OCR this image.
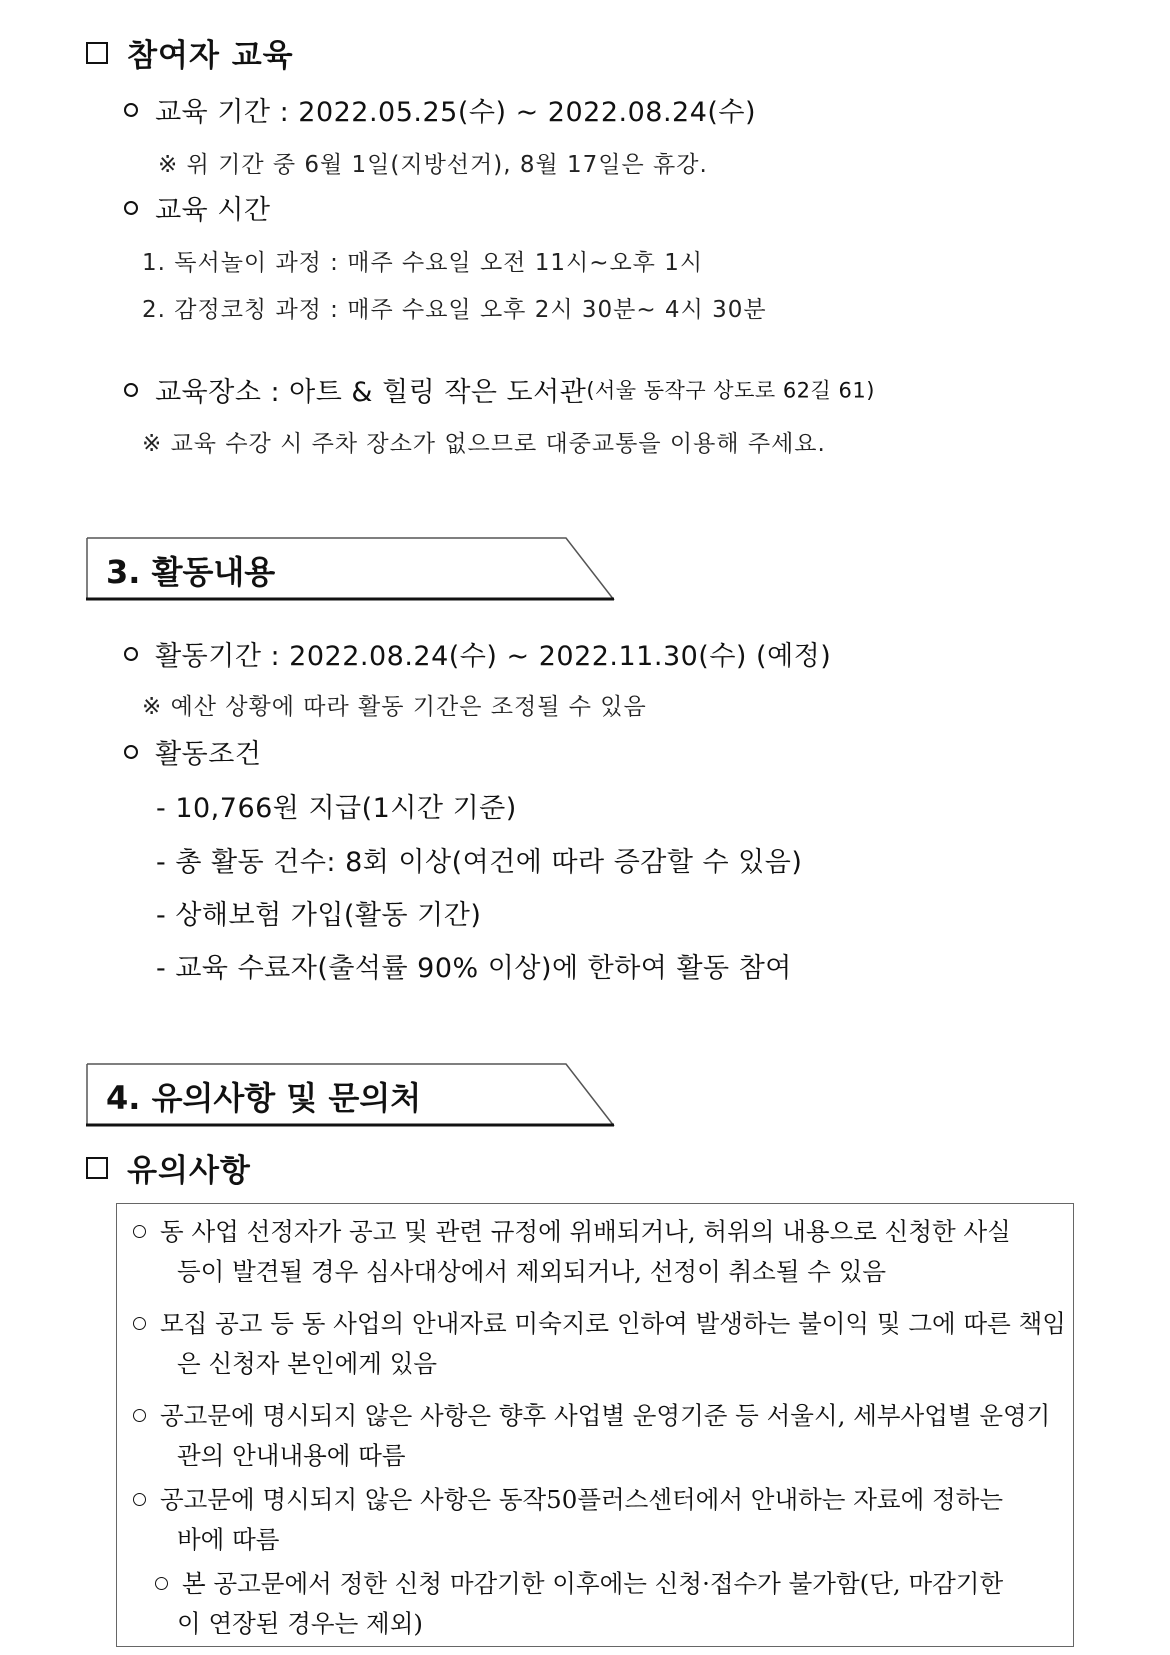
참여자 교육
교육 기간 : 2022.05.25(수) ~ 2022.08.24(수)
※ 위 기간 중 6월 1일(지방선거), 8월 17일은 휴강.
교육 시간
1. 독서놀이 과정 : 매주 수요일 오전 11시~오후 1시
2. 감정코칭 과정 : 매주 수요일 오후 2시 30분~ 4시 30분
교육장소 : 아트 & 힐링 작은 도서관(서울 동작구 상도로 62길 61)
※ 교육 수강 시 주차 장소가 없으므로 대중교통을 이용해 주세요.
3. 활동내용
활동기간 : 2022.08.24(수) ~ 2022.11.30(수) (예정)
※ 예산 상황에 따라 활동 기간은 조정될 수 있음
활동조건
- 10,766원 지급(1시간 기준)
- 총 활동 건수: 8회 이상(여건에 따라 증감할 수 있음)
- 상해보험 가입(활동 기간)
- 교육 수료자(출석률 90% 이상)에 한하여 활동 참여
4. 유의사항 및 문의처
유의사항
동 사업 선정자가 공고 및 관련 규정에 위배되거나, 허위의 내용으로 신청한 사실
등이 발견될 경우 심사대상에서 제외되거나, 선정이 취소될 수 있음
모집 공고 등 동 사업의 안내자료 미숙지로 인하여 발생하는 불이익 및 그에 따른 책임
은 신청자 본인에게 있음
공고문에 명시되지 않은 사항은 향후 사업별 운영기준 등 서울시, 세부사업별 운영기
관의 안내내용에 따름
공고문에 명시되지 않은 사항은 동작50플러스센터에서 안내하는 자료에 정하는
바에 따름
본 공고문에서 정한 신청 마감기한 이후에는 신청·접수가 불가함(단, 마감기한
이 연장된 경우는 제외)
